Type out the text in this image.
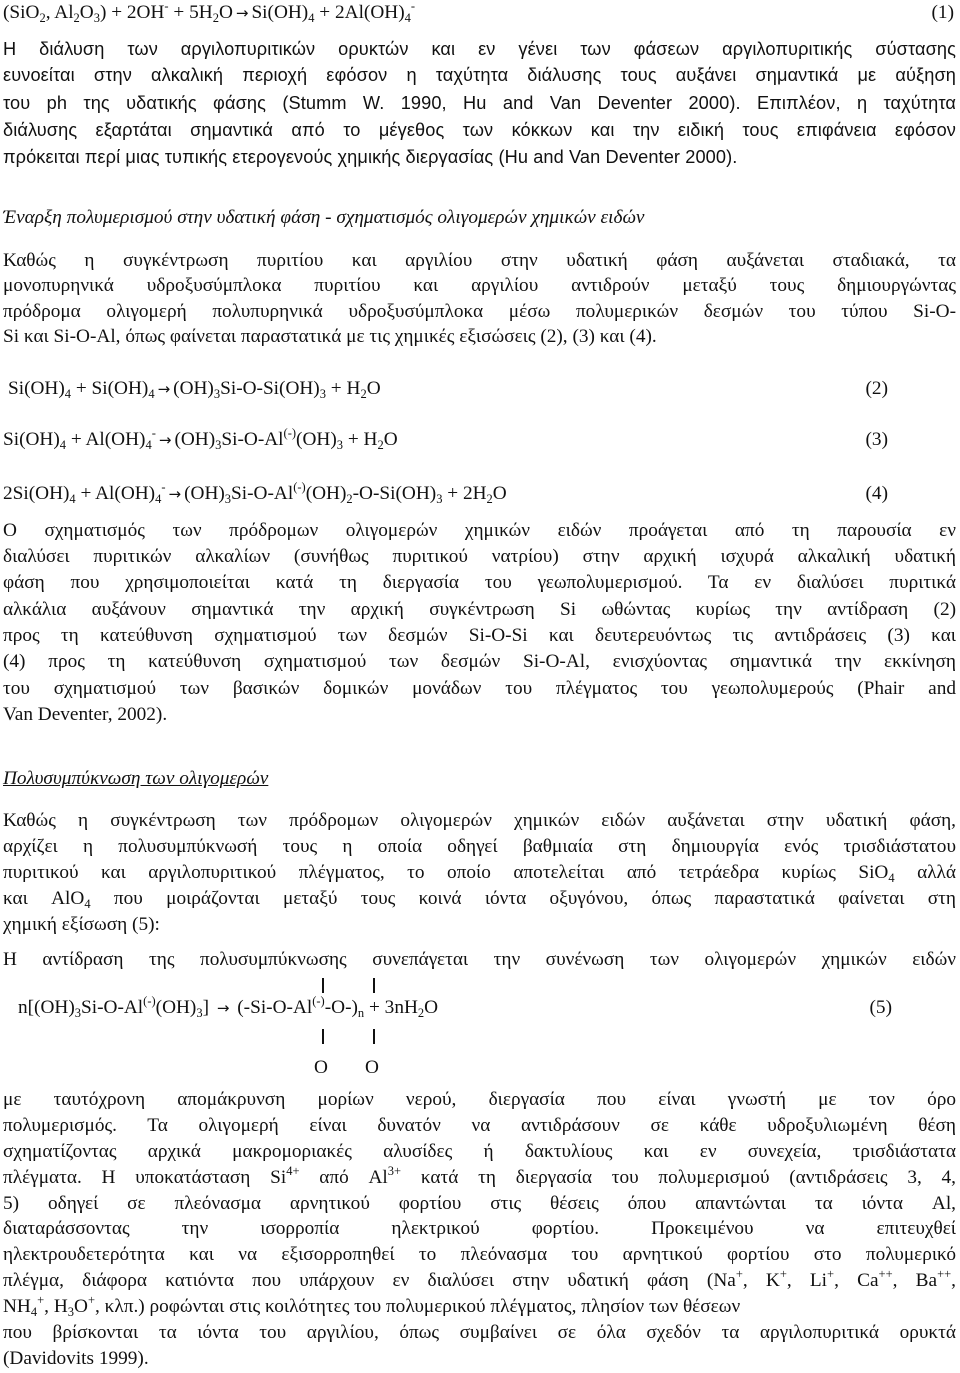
(SiO$_2$, $Al_2O_3) + 2OH^- + 5H_2O \to Si(OH)_4 + 2Al(OH)_4^-$	(1)
Η διάλυση των αργιλοπυριτικών ορυκτών και εν γένει των φάσεων αργιλοπυριτικής σύστασης
ευνοείται στην αλκαλική περιοχή εφόσον η ταχύτητα διάλυσης τους αυξάνει σημαντικά με αύξηση
του ph της υδατικής φάσης (Stumm W. 1990, Hu and Van Deventer 2000). Επιπλέον, η ταχύτητα
διάλυσης εξαρτάται σημαντικά από το μέγεθος των κόκκων και την ειδική τους επιφάνεια εφόσον
πρόκειται περί μιας τυπικής ετερογενούς χημικής διεργασίας (Hu and Van Deventer 2000).
Έναρξη πολυμερισμού στην υδατική φάση - σχηματισμός ολιγομερών χημικών ειδών
Καθώς η συγκέντρωση πυριτίου και αργιλίου στην υδατική φάση αυξάνεται σταδιακά, τα
μονοπυρηνικά υδροξυσύμπλοκα πυριτίου και αργιλίου αντιδρούν μεταξύ τους δημιουργώντας
πρόδρομα ολιγομερή πολυπυρηνικά υδροξυσύμπλοκα μέσω πολυμερικών δεσμών του τύπου Si-O-
Si και Si-O-Al, όπως φαίνεται παραστατικά με τις χημικές εξισώσεις (2), (3) και (4).
$Si(OH)_4 + Si(OH)_4 \to (OH)_3Si-O-Si(OH)_3 + H_2O$	(2)
$Si(OH)_4 + Al(OH)_4^- \to (OH)_3Si-O-Al^{(-)}(OH)_3 + H_2O$	(3)
$2Si(OH)_4 + Al(OH)_4^- \to (OH)_3Si-O-Al^{(-)}(OH)_2-O-Si(OH)_3 + 2H_2O$	(4)
Ο σχηματισμός των πρόδρομων ολιγομερών χημικών ειδών προάγεται από τη παρουσία εν
διαλύσει πυριτικών αλκαλίων (συνήθως πυριτικού νατρίου) στην αρχική ισχυρά αλκαλική υδατική
φάση που χρησιμοποιείται κατά τη διεργασία του γεωπολυμερισμού. Τα εν διαλύσει πυριτικά
αλκάλια αυξάνουν σημαντικά την αρχική συγκέντρωση Si ωθώντας κυρίως την αντίδραση (2)
προς τη κατεύθυνση σχηματισμού των δεσμών Si-O-Si και δευτερευόντως τις αντιδράσεις (3) και
(4) προς τη κατεύθυνση σχηματισμού των δεσμών Si-O-Al, ενισχύοντας σημαντικά την εκκίνηση
του σχηματισμού των βασικών δομικών μονάδων του πλέγματος του γεωπολυμερούς (Phair and
Van Deventer, 2002).
Πολυσυμπύκνωση των ολιγομερών
Καθώς η συγκέντρωση των πρόδρομων ολιγομερών χημικών ειδών αυξάνεται στην υδατική φάση,
αρχίζει η πολυσυμπύκνωσή τους η οποία οδηγεί βαθμιαία στη δημιουργία ενός τρισδιάστατου
πυριτικού και αργιλοπυριτικού πλέγματος, το οποίο αποτελείται από τετράεδρα κυρίως SiO$_4$ αλλά
και AlO$_4$ που μοιράζονται μεταξύ τους κοινά ιόντα οξυγόνου, όπως παραστατικά φαίνεται στη
χημική εξίσωση (5):
Η αντίδραση της πολυσυμπύκνωσης συνεπάγεται την συνένωση των ολιγομερών χημικών ειδών
$n[(OH)_3Si-O-Al^{(-)}(OH)_3] \to (-Si-O-Al^{(-)}-O-)_n + 3nH_2O$	(5)
O O
με ταυτόχρονη απομάκρυνση μορίων νερού, διεργασία που είναι γνωστή με τον όρο
πολυμερισμός. Τα ολιγομερή είναι δυνατόν να αντιδράσουν σε κάθε υδροξυλιωμένη θέση
σχηματίζοντας αρχικά μακρομοριακές αλυσίδες ή δακτυλίους και εν συνεχεία, τρισδιάστατα
πλέγματα. Η υποκατάσταση $Si^{4+}$ από $Al^{3+}$ κατά τη διεργασία του πολυμερισμού (αντιδράσεις 3, 4,
5) οδηγεί σε πλεόνασμα αρνητικού φορτίου στις θέσεις όπου απαντώνται τα ιόντα Al,
διαταράσσοντας την ισορροπία ηλεκτρικού φορτίου. Προκειμένου να επιτευχθεί
ηλεκτρουδετερότητα και να εξισορροπηθεί το πλεόνασμα του αρνητικού φορτίου στο πολυμερικό
πλέγμα, διάφορα κατιόντα που υπάρχουν εν διαλύσει στην υδατική φάση (Na+, K+, Li+, Ca++, Ba++,
$NH_4^+$, $H_3O^+$, κλπ.) ροφώνται στις κοιλότητες του πολυμερικού πλέγματος, πλησίον των θέσεων
που βρίσκονται τα ιόντα του αργιλίου, όπως συμβαίνει σε όλα σχεδόν τα αργιλοπυριτικά ορυκτά
(Davidovits 1999).
